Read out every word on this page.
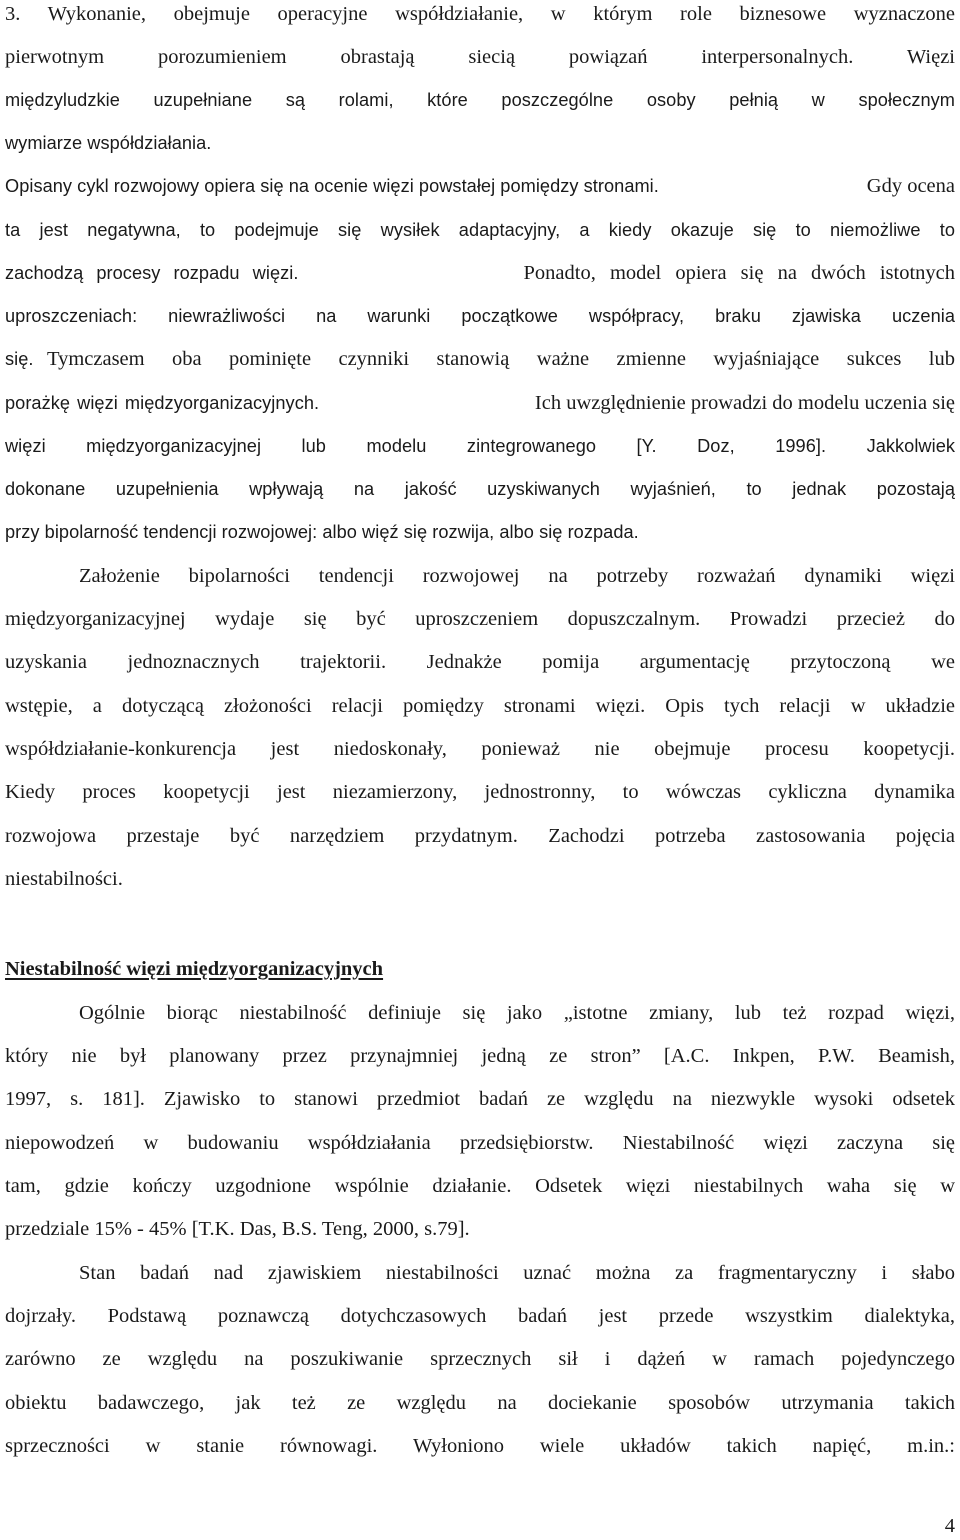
3. Wykonanie, obejmuje operacyjne współdziałanie, w którym role biznesowe wyznaczone

pierwotnym porozumieniem obrastają siecią powiązań interpersonalnych. Więzi

międzyludzkie uzupełniane są rolami, które poszczególne osoby pełnią w społecznym

wymiarze współdziałania.

Opisany cykl rozwojowy opiera się na ocenie więzi powstałej pomiędzy stronami.	Gdy ocena

ta jest negatywna, to podejmuje się wysiłek adaptacyjny, a kiedy okazuje się to niemożliwe to

zachodzą procesy rozpadu więzi.	Ponadto, model opiera się na dwóch istotnych

uproszczeniach: niewrażliwości na warunki początkowe współpracy, braku zjawiska uczenia

się. Tymczasem oba pominięte czynniki stanowią ważne zmienne wyjaśniające sukces lub

porażkę więzi międzyorganizacyjnych.	Ich uwzględnienie prowadzi do modelu uczenia się

więzi międzyorganizacyjnej lub modelu zintegrowanego [Y. Doz, 1996]. Jakkolwiek

dokonane uzupełnienia wpływają na jakość uzyskiwanych wyjaśnień, to jednak pozostają

przy bipolarność tendencji rozwojowej: albo więź się rozwija, albo się rozpada.

Założenie bipolarności tendencji rozwojowej na potrzeby rozważań dynamiki więzi

międzyorganizacyjnej wydaje się być uproszczeniem dopuszczalnym. Prowadzi przecież do

uzyskania jednoznacznych trajektorii. Jednakże pomija argumentację przytoczoną we

wstępie, a dotyczącą złożoności relacji pomiędzy stronami więzi. Opis tych relacji w układzie

współdziałanie-konkurencja jest niedoskonały, ponieważ nie obejmuje procesu koopetycji.

Kiedy proces koopetycji jest niezamierzony, jednostronny, to wówczas cykliczna dynamika

rozwojowa przestaje być narzędziem przydatnym. Zachodzi potrzeba zastosowania pojęcia

niestabilności.

Niestabilność więzi międzyorganizacyjnych

Ogólnie biorąc niestabilność definiuje się jako „istotne zmiany, lub też rozpad więzi,

który nie był planowany przez przynajmniej jedną ze stron” [A.C. Inkpen, P.W. Beamish,

1997, s. 181]. Zjawisko to stanowi przedmiot badań ze względu na niezwykle wysoki odsetek

niepowodzeń w budowaniu współdziałania przedsiębiorstw. Niestabilność więzi zaczyna się

tam, gdzie kończy uzgodnione wspólnie działanie. Odsetek więzi niestabilnych waha się w

przedziale 15% - 45% [T.K. Das, B.S. Teng, 2000, s.79].

Stan badań nad zjawiskiem niestabilności uznać można za fragmentaryczny i słabo

dojrzały. Podstawą poznawczą dotychczasowych badań jest przede wszystkim dialektyka,

zarówno ze względu na poszukiwanie sprzecznych sił i dążeń w ramach pojedynczego

obiektu badawczego, jak też ze względu na dociekanie sposobów utrzymania takich

sprzeczności w stanie równowagi. Wyłoniono wiele układów takich napięć, m.in.:

4
